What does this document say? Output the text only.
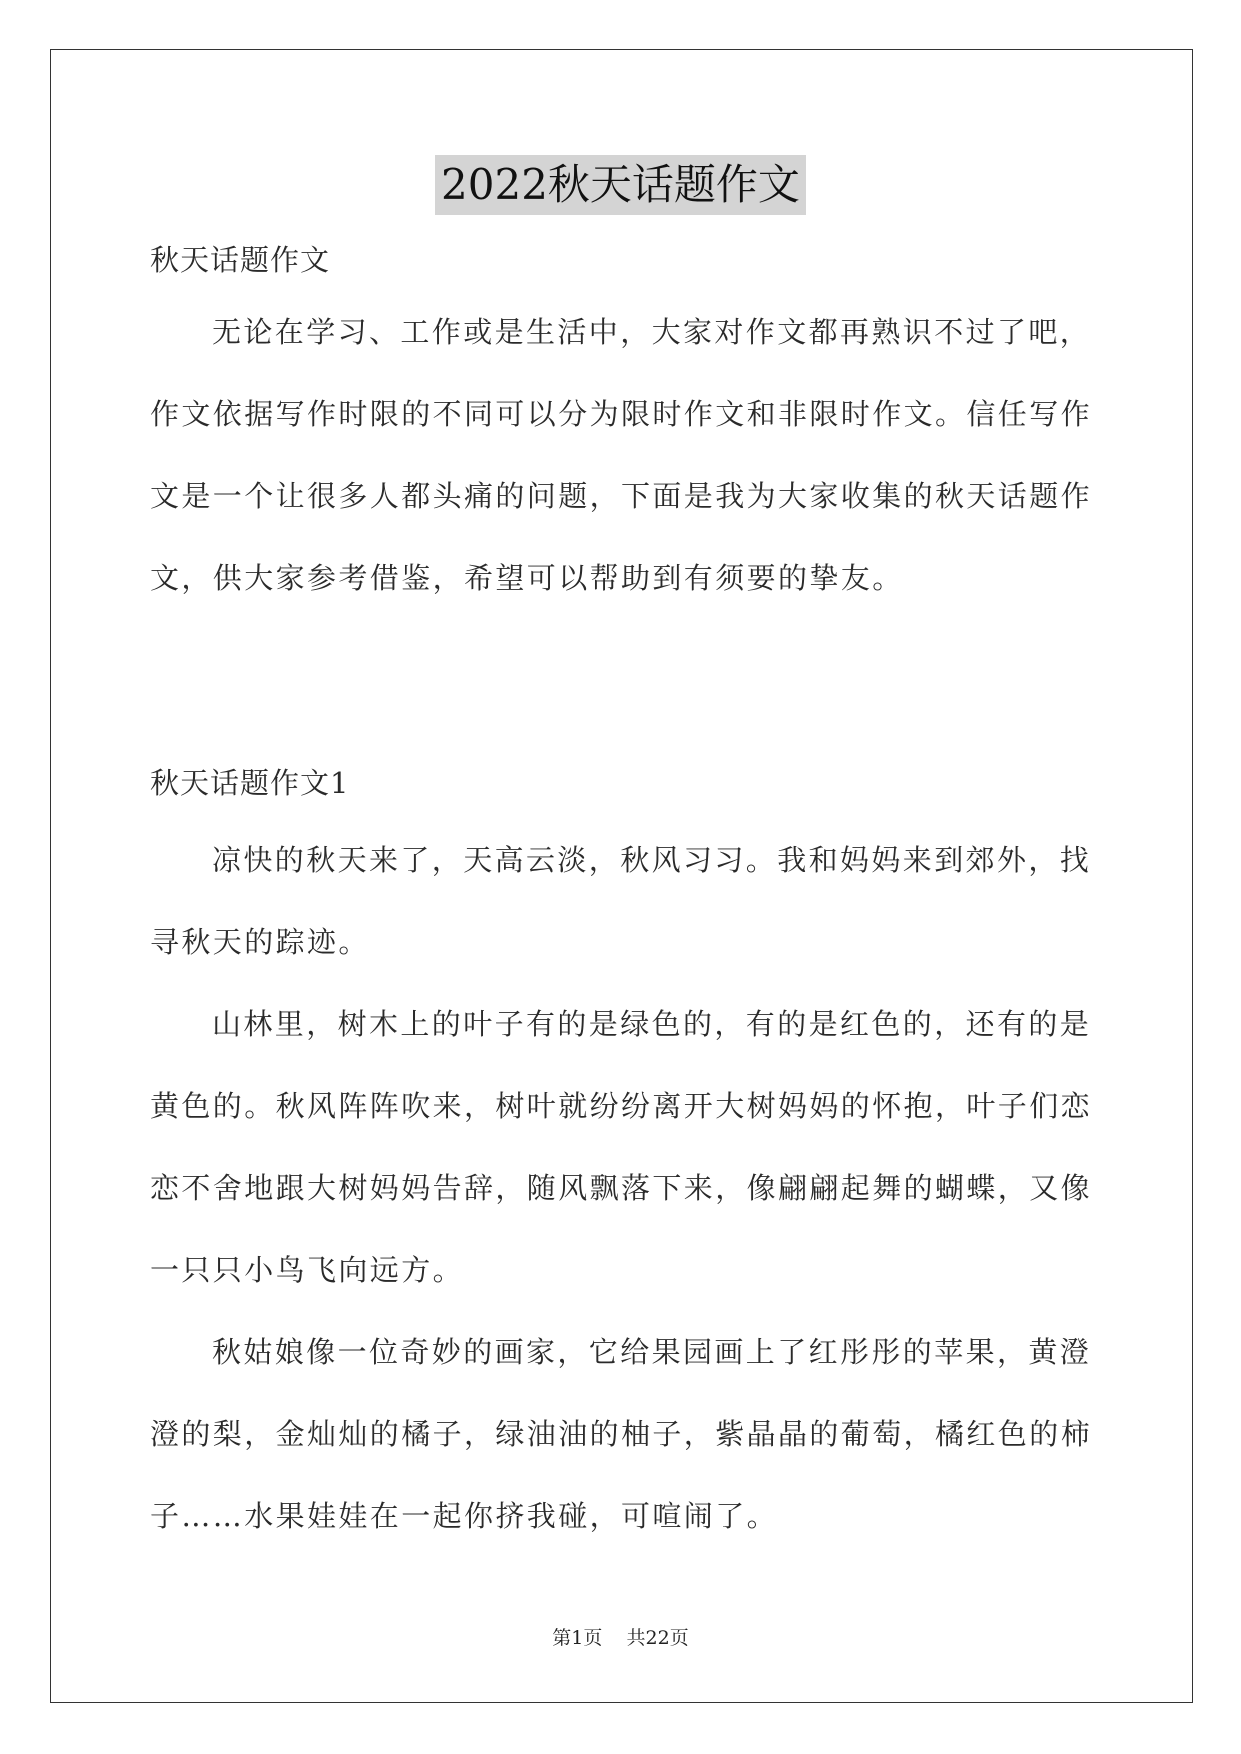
2022秋天话题作文
秋天话题作文
无论在学习、工作或是生活中，大家对作文都再熟识不过了吧，
作文依据写作时限的不同可以分为限时作文和非限时作文。信任写作
文是一个让很多人都头痛的问题，下面是我为大家收集的秋天话题作
文，供大家参考借鉴，希望可以帮助到有须要的挚友。
秋天话题作文1
凉快的秋天来了，天高云淡，秋风习习。我和妈妈来到郊外，找
寻秋天的踪迹。
山林里，树木上的叶子有的是绿色的，有的是红色的，还有的是
黄色的。秋风阵阵吹来，树叶就纷纷离开大树妈妈的怀抱，叶子们恋
恋不舍地跟大树妈妈告辞，随风飘落下来，像翩翩起舞的蝴蝶，又像
一只只小鸟飞向远方。
秋姑娘像一位奇妙的画家，它给果园画上了红彤彤的苹果，黄澄
澄的梨，金灿灿的橘子，绿油油的柚子，紫晶晶的葡萄，橘红色的柿
子……水果娃娃在一起你挤我碰，可喧闹了。
第1页    共22页
